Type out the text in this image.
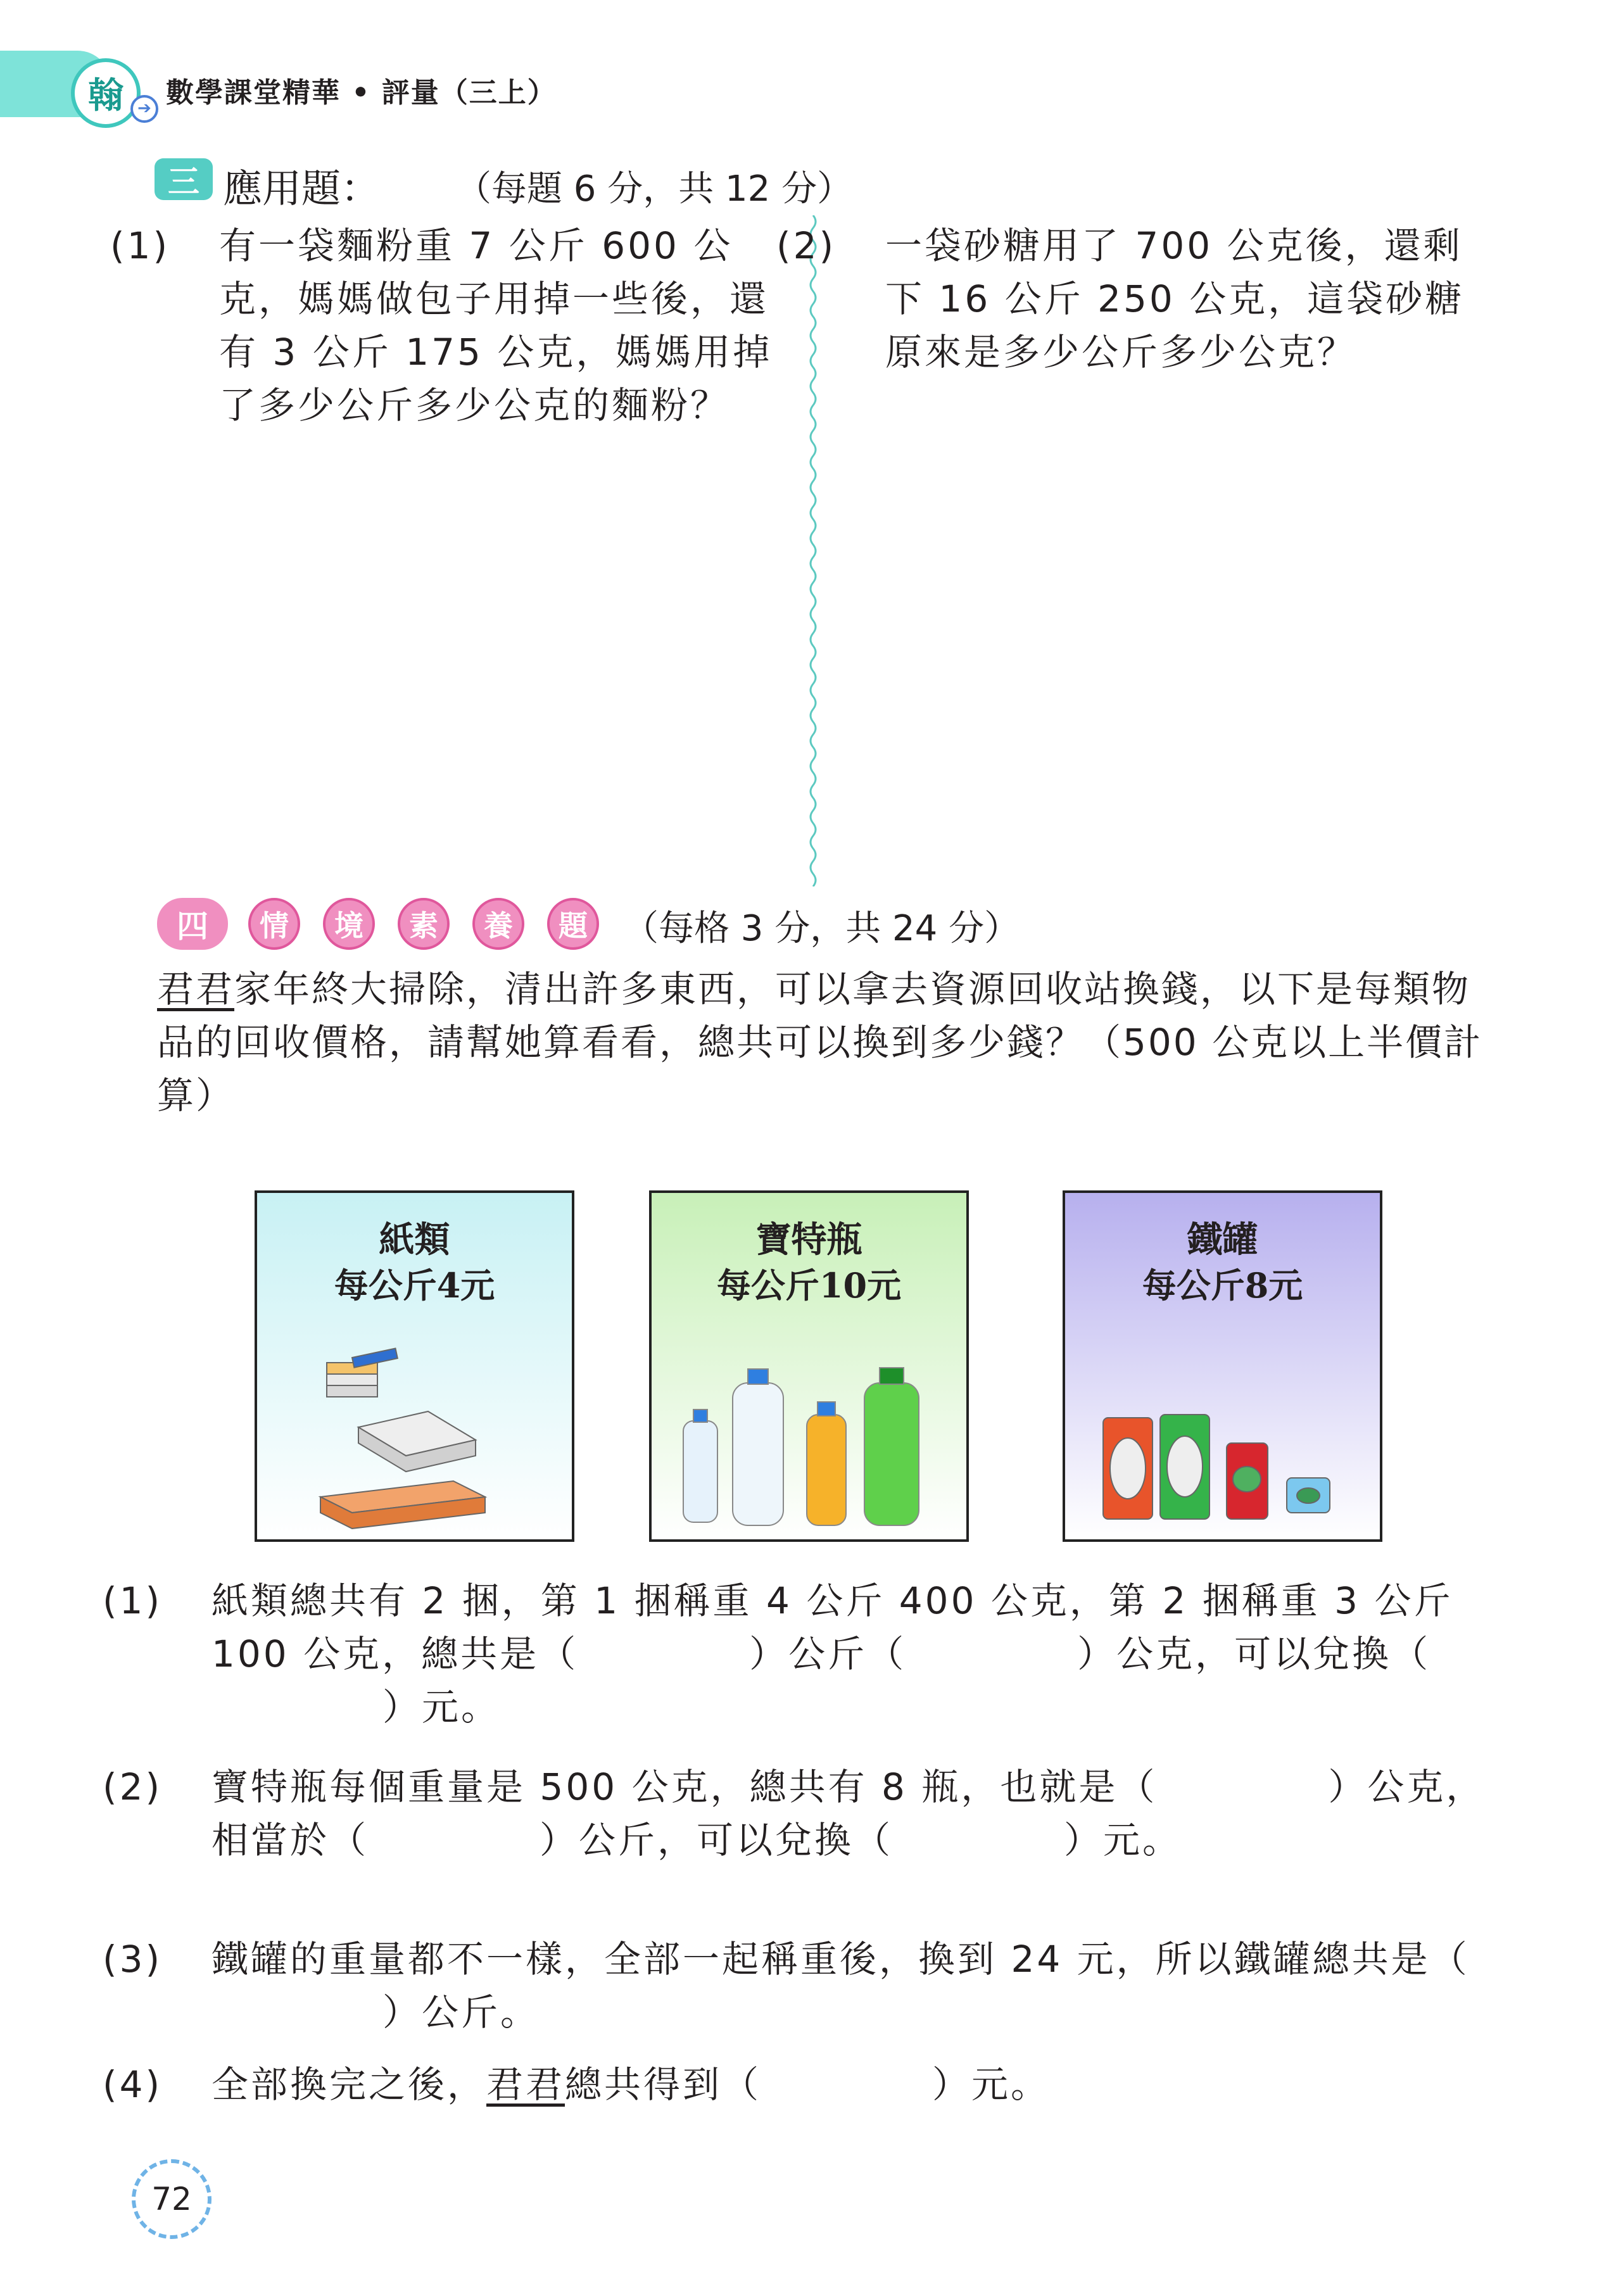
翰 ➔ 數學課堂精華 • 評量（三上）
三 應用題： （每題 6 分，共 12 分）
(1) 有一袋麵粉重 7 公斤 600 公克，媽媽做包子用掉一些後，還有 3 公斤 175 公克，媽媽用掉了多少公斤多少公克的麵粉？
(2) 一袋砂糖用了 700 公克後，還剩下 16 公斤 250 公克，這袋砂糖原來是多少公斤多少公克？
四	情	境	素	養	題	（每格 3 分，共 24 分）
君君家年終大掃除，清出許多東西，可以拿去資源回收站換錢，以下是每類物品的回收價格，請幫她算看看，總共可以換到多少錢？（500 公克以上半價計算）
紙類
每公斤4元
寶特瓶
每公斤10元
鐵罐
每公斤8元
(1) 紙類總共有 2 捆，第 1 捆稱重 4 公斤 400 公克，第 2 捆稱重 3 公斤 100 公克，總共是（	）公斤（	）公克，可以兌換（）元。
(2) 寶特瓶每個重量是 500 公克，總共有 8 瓶，也就是（	）公克，相當於（	）公斤，可以兌換（	）元。
(3) 鐵罐的重量都不一樣，全部一起稱重後，換到 24 元，所以鐵罐總共是（）公斤。
(4) 全部換完之後，君君總共得到（	）元。
72
